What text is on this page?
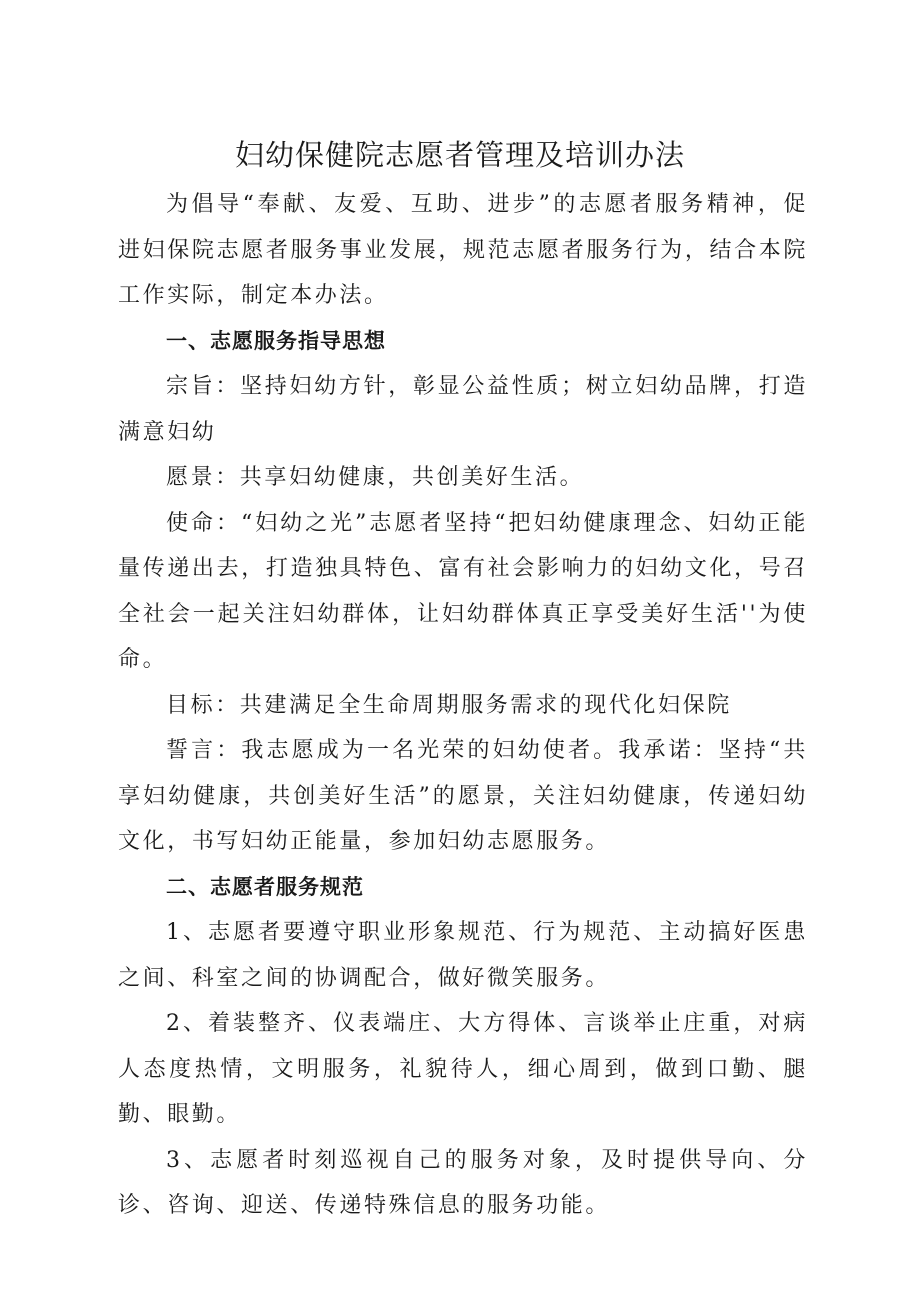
妇幼保健院志愿者管理及培训办法

为倡导“奉献、友爱、互助、进步”的志愿者服务精神，促进妇保院志愿者服务事业发展，规范志愿者服务行为，结合本院工作实际，制定本办法。

一、志愿服务指导思想

宗旨：坚持妇幼方针，彰显公益性质；树立妇幼品牌，打造满意妇幼

愿景：共享妇幼健康，共创美好生活。

使命：“妇幼之光”志愿者坚持“把妇幼健康理念、妇幼正能量传递出去，打造独具特色、富有社会影响力的妇幼文化，号召全社会一起关注妇幼群体，让妇幼群体真正享受美好生活''为使命。

目标：共建满足全生命周期服务需求的现代化妇保院

誓言：我志愿成为一名光荣的妇幼使者。我承诺：坚持“共享妇幼健康，共创美好生活”的愿景，关注妇幼健康，传递妇幼文化，书写妇幼正能量，参加妇幼志愿服务。

二、志愿者服务规范

1、志愿者要遵守职业形象规范、行为规范、主动搞好医患之间、科室之间的协调配合，做好微笑服务。

2、着装整齐、仪表端庄、大方得体、言谈举止庄重，对病人态度热情，文明服务，礼貌待人，细心周到，做到口勤、腿勤、眼勤。

3、志愿者时刻巡视自己的服务对象，及时提供导向、分诊、咨询、迎送、传递特殊信息的服务功能。
